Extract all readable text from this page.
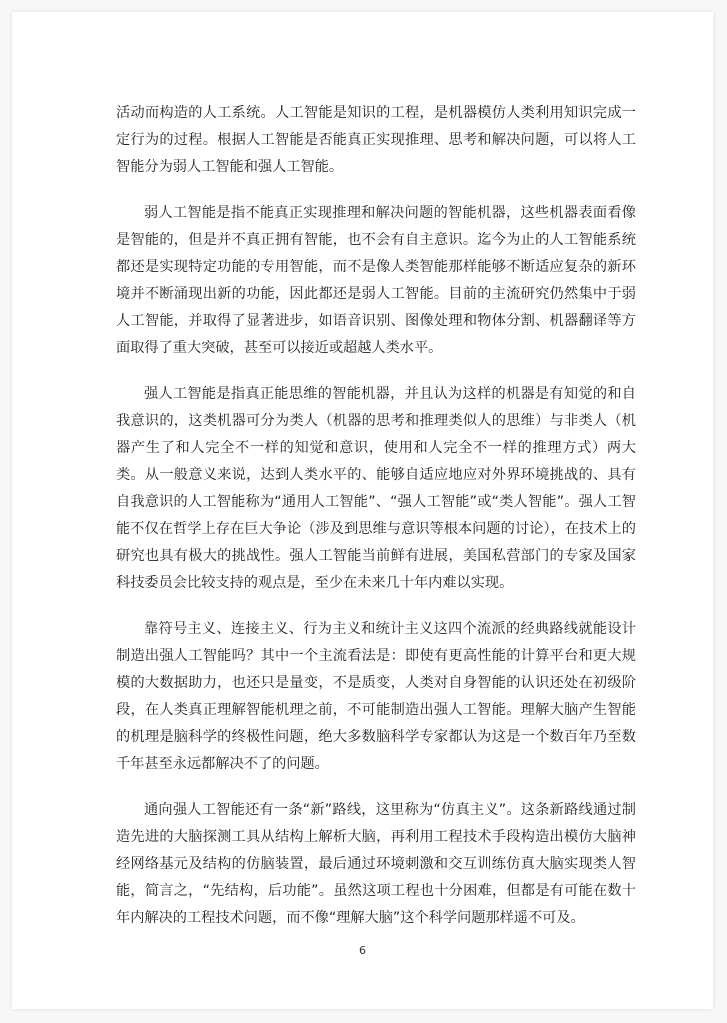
活动而构造的人工系统。人工智能是知识的工程，是机器模仿人类利用知识完成一定行为的过程。根据人工智能是否能真正实现推理、思考和解决问题，可以将人工智能分为弱人工智能和强人工智能。

弱人工智能是指不能真正实现推理和解决问题的智能机器，这些机器表面看像是智能的，但是并不真正拥有智能，也不会有自主意识。迄今为止的人工智能系统都还是实现特定功能的专用智能，而不是像人类智能那样能够不断适应复杂的新环境并不断涌现出新的功能，因此都还是弱人工智能。目前的主流研究仍然集中于弱人工智能，并取得了显著进步，如语音识别、图像处理和物体分割、机器翻译等方面取得了重大突破，甚至可以接近或超越人类水平。

强人工智能是指真正能思维的智能机器，并且认为这样的机器是有知觉的和自我意识的，这类机器可分为类人（机器的思考和推理类似人的思维）与非类人（机器产生了和人完全不一样的知觉和意识，使用和人完全不一样的推理方式）两大类。从一般意义来说，达到人类水平的、能够自适应地应对外界环境挑战的、具有自我意识的人工智能称为“通用人工智能”、“强人工智能”或“类人智能”。强人工智能不仅在哲学上存在巨大争论（涉及到思维与意识等根本问题的讨论），在技术上的研究也具有极大的挑战性。强人工智能当前鲜有进展，美国私营部门的专家及国家科技委员会比较支持的观点是，至少在未来几十年内难以实现。

靠符号主义、连接主义、行为主义和统计主义这四个流派的经典路线就能设计制造出强人工智能吗？其中一个主流看法是：即使有更高性能的计算平台和更大规模的大数据助力，也还只是量变，不是质变，人类对自身智能的认识还处在初级阶段，在人类真正理解智能机理之前，不可能制造出强人工智能。理解大脑产生智能的机理是脑科学的终极性问题，绝大多数脑科学专家都认为这是一个数百年乃至数千年甚至永远都解决不了的问题。

通向强人工智能还有一条“新”路线，这里称为“仿真主义”。这条新路线通过制造先进的大脑探测工具从结构上解析大脑，再利用工程技术手段构造出模仿大脑神经网络基元及结构的仿脑装置，最后通过环境刺激和交互训练仿真大脑实现类人智能，简言之，“先结构，后功能”。虽然这项工程也十分困难，但都是有可能在数十年内解决的工程技术问题，而不像“理解大脑”这个科学问题那样遥不可及。

6
